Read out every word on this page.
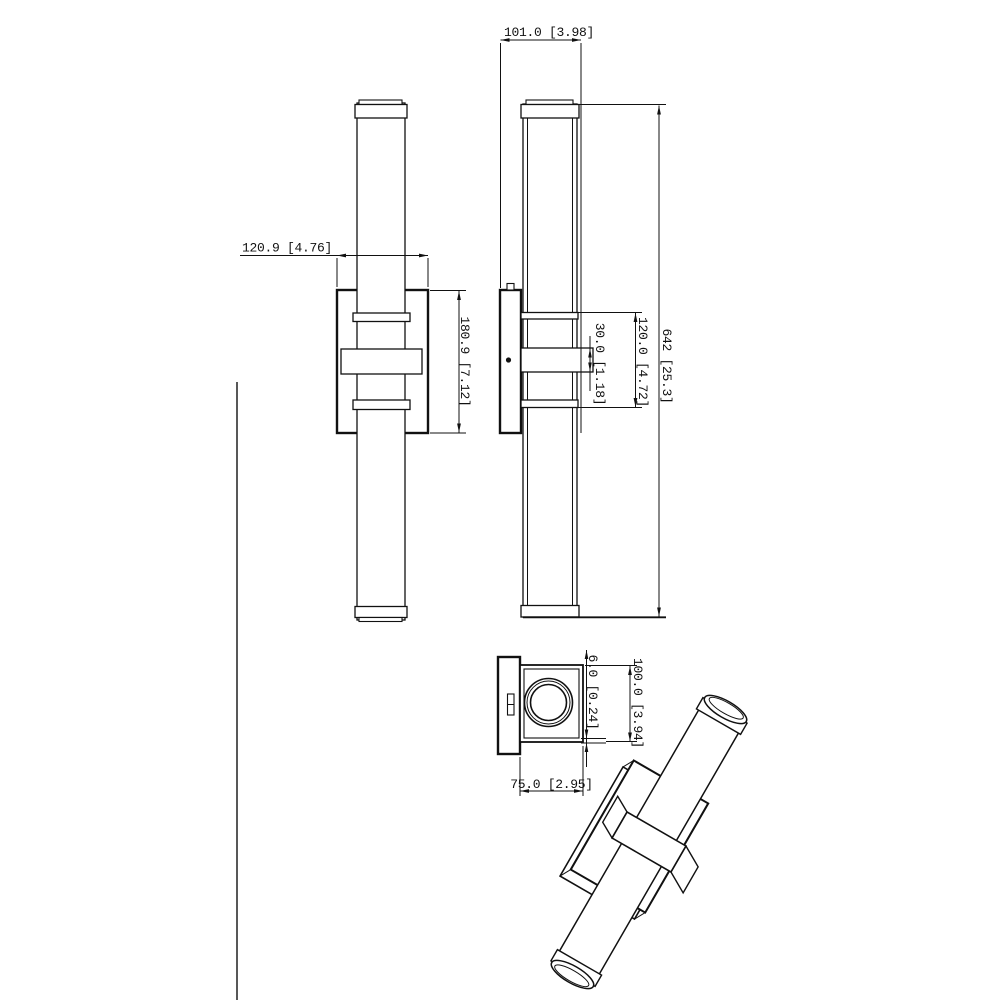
120.9 [4.76]
180.9 [7.12]
101.0 [3.98]
642 [25.3]
120.0 [4.72]
30.0 [1.18]
6.0 [0.24] 100.0 [3.94]
75.0 [2.95]
